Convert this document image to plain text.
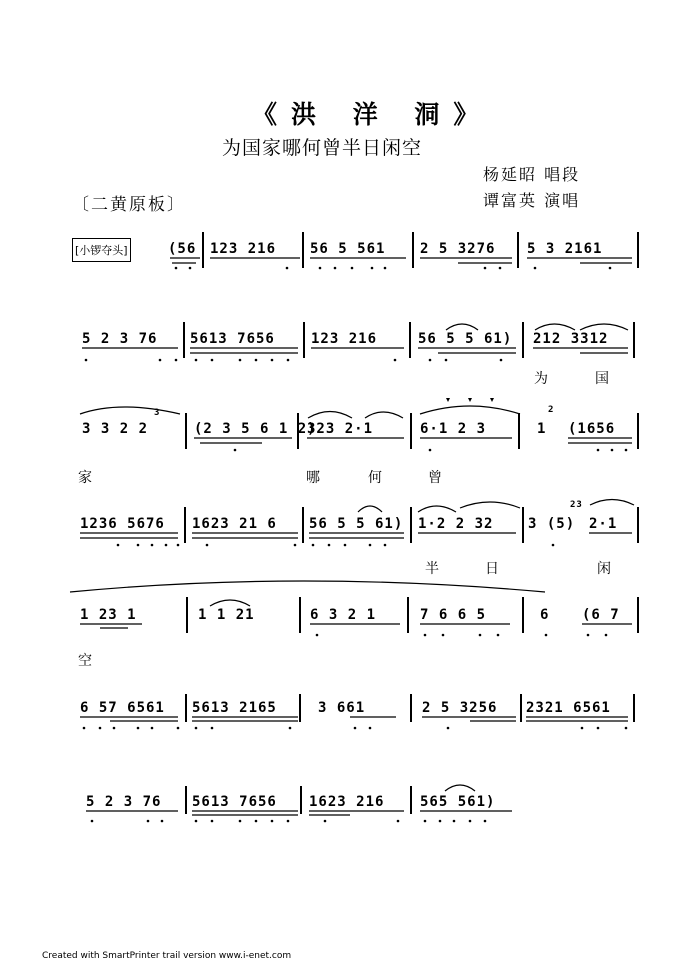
《洪 洋 洞》
为国家哪何曾半日闲空
杨延昭 唱段
谭富英 演唱
〔二黄原板〕
[小锣夺头]	(56 123 216 56 5 561 2 5 3276 5 3 2161
5 2 3 76 5613 7656	123 216	56 5 5 61) 212 3312
为	国
3	2
3 3 2 2	(2 3 5 6 1 2)
323 2·1	6·1 2 3	1 (1656
家	哪	何	曾
23
1236 5676 1623 21 6 56 5 5 61) 1·2 2 32 3 (5) 2·1
半	日	闲
1 23 1	1 1 21	6 3 2 1	7 6 6 5	6 (6 7
空
6 57 6561 5613 2165	3 661	2 5 3256 2321 6561
5 2 3 76 5613 7656 1623 216	565 561)
Created with SmartPrinter trail version www.i-enet.com
